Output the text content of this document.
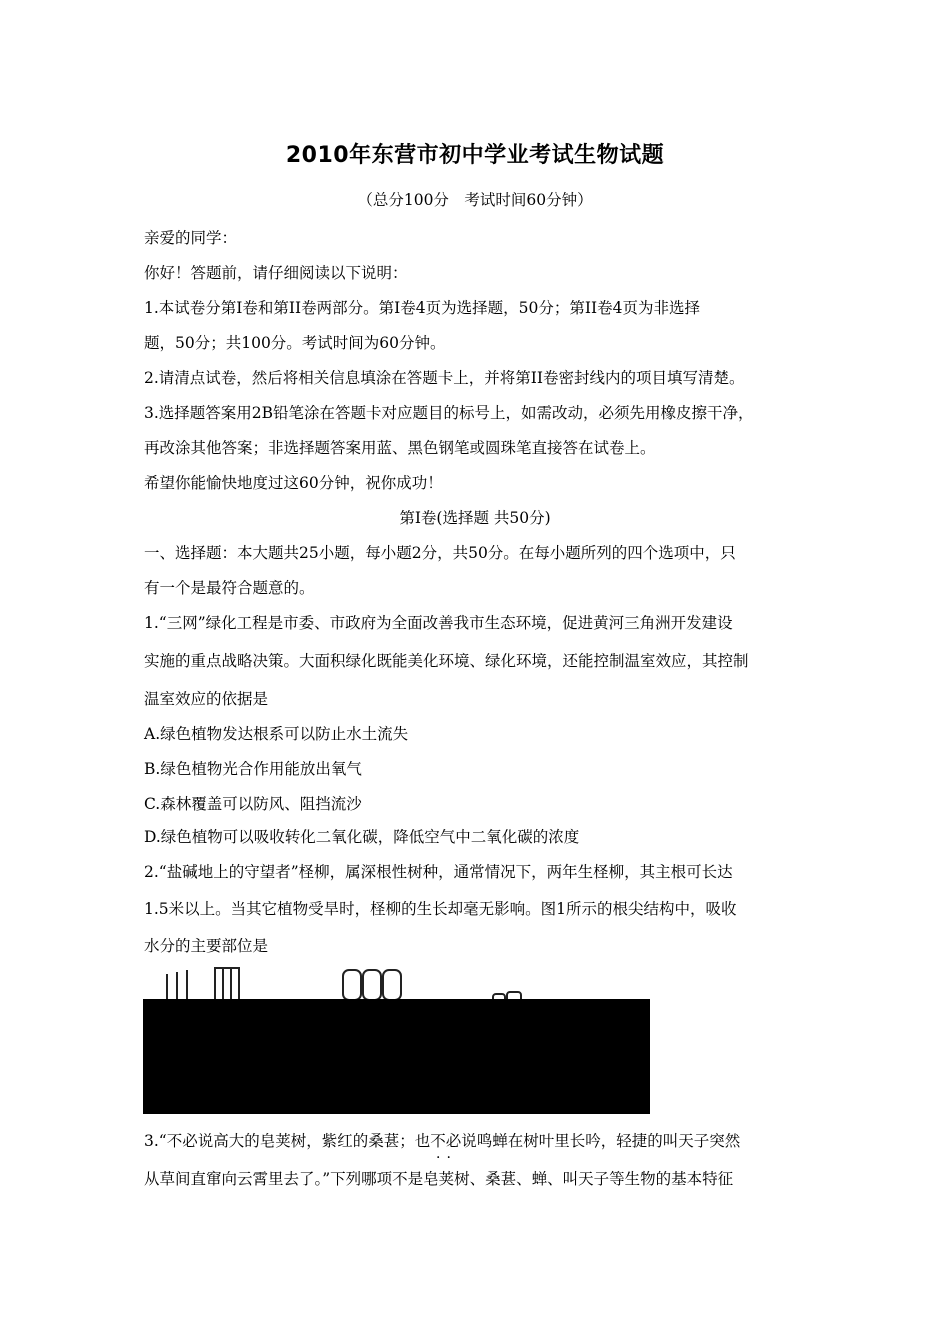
2010年东营市初中学业考试生物试题
（总分100分　考试时间60分钟）
亲爱的同学：
你好！答题前，请仔细阅读以下说明：
1.本试卷分第Ⅰ卷和第II卷两部分。第Ⅰ卷4页为选择题，50分；第II卷4页为非选择
题，50分；共100分。考试时间为60分钟。
2.请清点试卷，然后将相关信息填涂在答题卡上，并将第II卷密封线内的项目填写清楚。
3.选择题答案用2B铅笔涂在答题卡对应题目的标号上，如需改动，必须先用橡皮擦干净，
再改涂其他答案；非选择题答案用蓝、黑色钢笔或圆珠笔直接答在试卷上。
希望你能愉快地度过这60分钟，祝你成功！
第Ⅰ卷(选择题 共50分)
一、选择题：本大题共25小题，每小题2分，共50分。在每小题所列的四个选项中，只
有一个是最符合题意的。
1.“三网”绿化工程是市委、市政府为全面改善我市生态环境，促进黄河三角洲开发建设
实施的重点战略决策。大面积绿化既能美化环境、绿化环境，还能控制温室效应，其控制
温室效应的依据是
A.绿色植物发达根系可以防止水土流失
B.绿色植物光合作用能放出氧气
C.森林覆盖可以防风、阻挡流沙
D.绿色植物可以吸收转化二氧化碳，降低空气中二氧化碳的浓度
2.“盐碱地上的守望者”柽柳，属深根性树种，通常情况下，两年生柽柳，其主根可长达
1.5米以上。当其它植物受旱时，柽柳的生长却毫无影响。图1所示的根尖结构中，吸收
水分的主要部位是
3.“不必说高大的皂荚树，紫红的桑葚；也不必说鸣蝉在树叶里长吟，轻捷的叫天子突然
··
从草间直窜向云霄里去了。”下列哪项不是皂荚树、桑葚、蝉、叫天子等生物的基本特征
